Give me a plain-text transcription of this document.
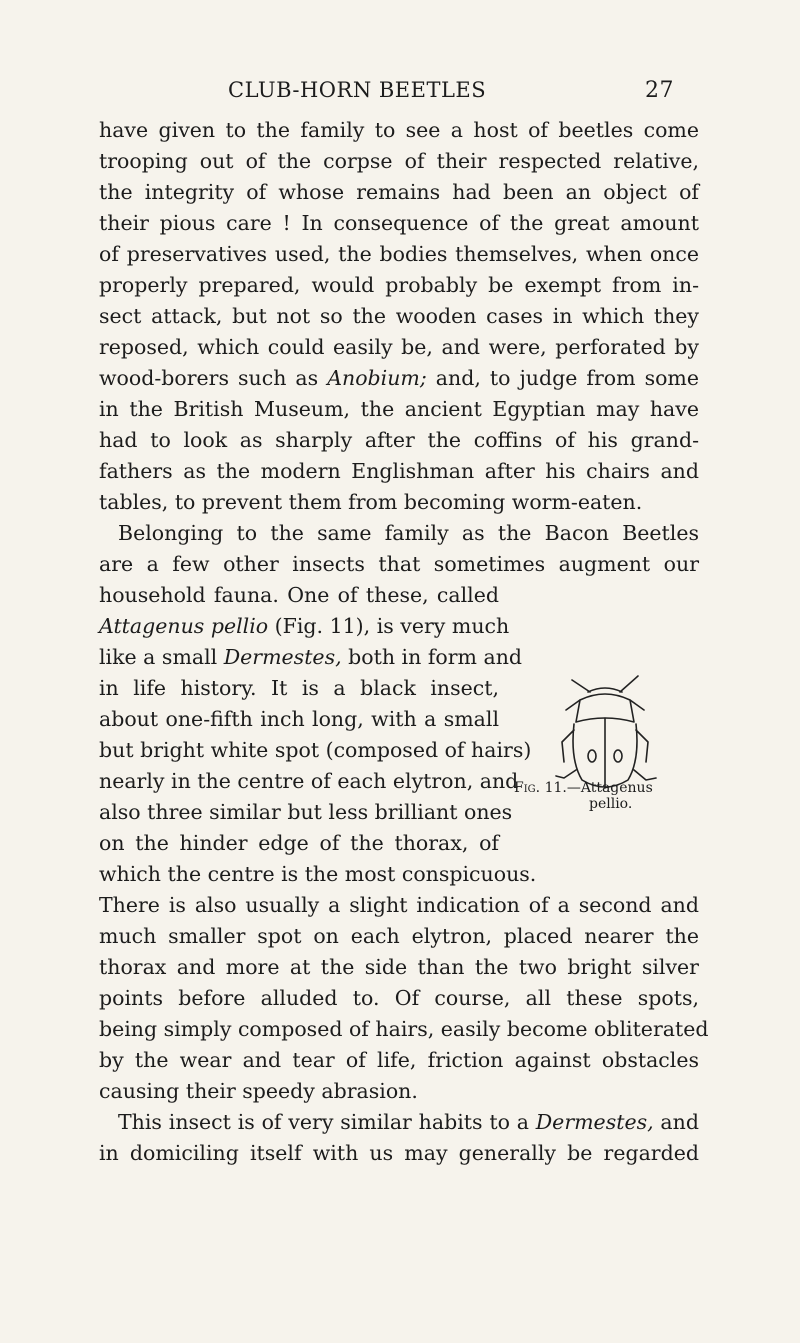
CLUB-HORN BEETLES	27
have given to the family to see a host of beetles come
trooping out of the corpse of their respected relative,
the integrity of whose remains had been an object of
their pious care ! In consequence of the great amount
of preservatives used, the bodies themselves, when once
properly prepared, would probably be exempt from in-
sect attack, but not so the wooden cases in which they
reposed, which could easily be, and were, perforated by
wood-borers such as Anobium; and, to judge from some
in the British Museum, the ancient Egyptian may have
had to look as sharply after the coffins of his grand-
fathers as the modern Englishman after his chairs and
tables, to prevent them from becoming worm-eaten.
Belonging to the same family as the Bacon Beetles
are a few other insects that sometimes augment our
household fauna. One of these, called
Attagenus pellio (Fig. 11), is very much
like a small Dermestes, both in form and
in life history. It is a black insect,
about one-fifth inch long, with a small
but bright white spot (composed of hairs)
nearly in the centre of each elytron, and
also three similar but less brilliant ones
on the hinder edge of the thorax, of
which the centre is the most conspicuous.
There is also usually a slight indication of a second and
much smaller spot on each elytron, placed nearer the
thorax and more at the side than the two bright silver
points before alluded to. Of course, all these spots,
being simply composed of hairs, easily become obliterated
by the wear and tear of life, friction against obstacles
causing their speedy abrasion.
This insect is of very similar habits to a Dermestes, and
in domiciling itself with us may generally be regarded
Fig. 11.—Attagenus
pellio.
